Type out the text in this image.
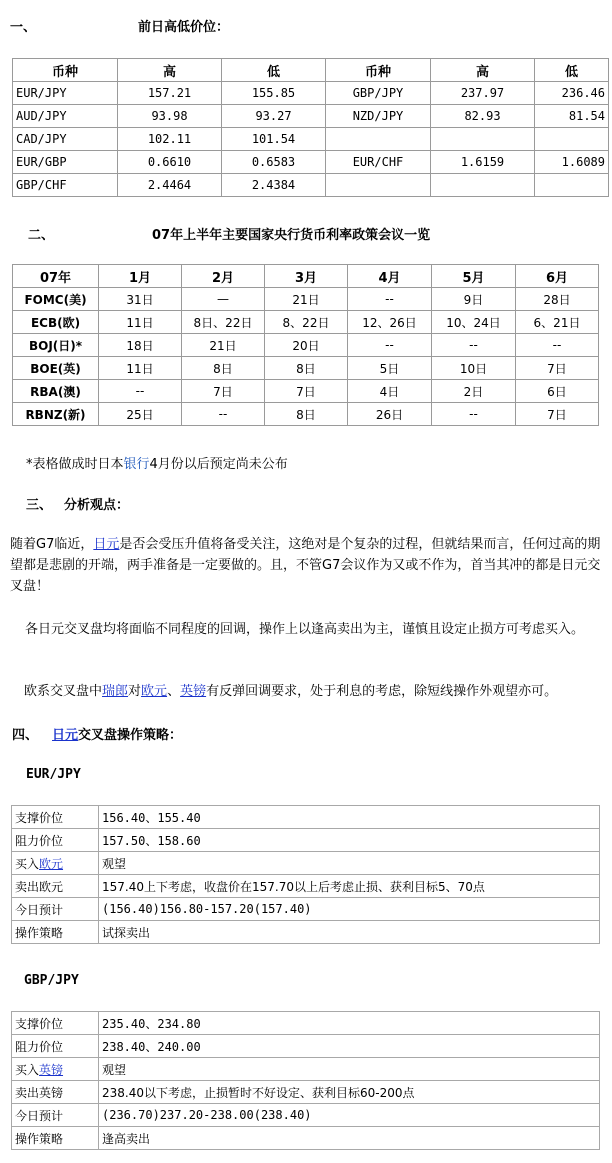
一、	前日高低价位：
币种	高	低	币种	高	低
EUR/JPY	157.21	155.85	GBP/JPY	237.97	236.46
AUD/JPY	93.98	93.27	NZD/JPY	82.93	81.54
CAD/JPY	102.11	101.54			
EUR/GBP	0.6610	0.6583	EUR/CHF	1.6159	1.6089
GBP/CHF	2.4464	2.4384			
二、	07年上半年主要国家央行货币利率政策会议一览
07年	1月	2月	3月	4月	5月	6月
FOMC(美)	31日	—	21日	--	9日	28日
ECB(欧)	11日	8日、22日	8、22日	12、26日	10、24日	6、21日
BOJ(日)*	18日	21日	20日	--	--	--
BOE(英)	11日	8日	8日	5日	10日	7日
RBA(澳)	--	7日	7日	4日	2日	6日
RBNZ(新)	25日	--	8日	26日	--	7日
*表格做成时日本银行4月份以后预定尚未公布
三、 分析观点：
随着G7临近，日元是否会受压升值将备受关注，这绝对是个复杂的过程，但就结果而言，任何过高的期望都是悲剧的开端，两手准备是一定要做的。且，不管G7会议作为又或不作为，首当其冲的都是日元交叉盘！
各日元交叉盘均将面临不同程度的回调，操作上以逢高卖出为主，谨慎且设定止损方可考虑买入。
欧系交叉盘中瑞郎对欧元、英镑有反弹回调要求，处于利息的考虑，除短线操作外观望亦可。
四、 日元交叉盘操作策略：
EUR/JPY
支撑价位	156.40、155.40
阻力价位	157.50、158.60
买入欧元	观望
卖出欧元	157.40上下考虑，收盘价在157.70以上后考虑止损、获利目标5、70点
今日预计	(156.40)156.80-157.20(157.40)
操作策略	试探卖出
GBP/JPY
支撑价位	235.40、234.80
阻力价位	238.40、240.00
买入英镑	观望
卖出英镑	238.40以下考虑，止损暂时不好设定、获利目标60-200点
今日预计	(236.70)237.20-238.00(238.40)
操作策略	逢高卖出
